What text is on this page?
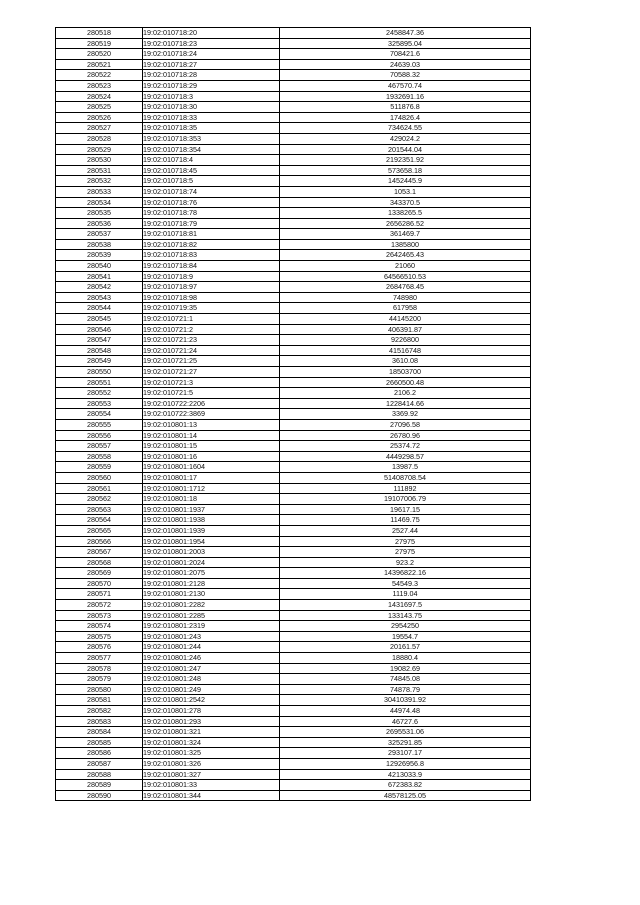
280518	19:02:010718:20	2458847.36
280519	19:02:010718:23	325895.04
280520	19:02:010718:24	708421.6
280521	19:02:010718:27	24639.03
280522	19:02:010718:28	70588.32
280523	19:02:010718:29	467570.74
280524	19:02:010718:3	1932691.16
280525	19:02:010718:30	511876.8
280526	19:02:010718:33	174826.4
280527	19:02:010718:35	734624.55
280528	19:02:010718:353	429024.2
280529	19:02:010718:354	201544.04
280530	19:02:010718:4	2192351.92
280531	19:02:010718:45	573658.18
280532	19:02:010718:5	1452445.9
280533	19:02:010718:74	1053.1
280534	19:02:010718:76	343370.5
280535	19:02:010718:78	1338265.5
280536	19:02:010718:79	2656286.52
280537	19:02:010718:81	361469.7
280538	19:02:010718:82	1385800
280539	19:02:010718:83	2642465.43
280540	19:02:010718:84	21060
280541	19:02:010718:9	64566510.53
280542	19:02:010718:97	2684768.45
280543	19:02:010718:98	748980
280544	19:02:010719:35	617958
280545	19:02:010721:1	44145200
280546	19:02:010721:2	406391.87
280547	19:02:010721:23	9226800
280548	19:02:010721:24	41516748
280549	19:02:010721:25	3610.08
280550	19:02:010721:27	18503700
280551	19:02:010721:3	2660500.48
280552	19:02:010721:5	2106.2
280553	19:02:010722:2206	1228414.66
280554	19:02:010722:3869	3369.92
280555	19:02:010801:13	27096.58
280556	19:02:010801:14	26780.96
280557	19:02:010801:15	25374.72
280558	19:02:010801:16	4449298.57
280559	19:02:010801:1604	13987.5
280560	19:02:010801:17	51408708.54
280561	19:02:010801:1712	111892
280562	19:02:010801:18	19107006.79
280563	19:02:010801:1937	19617.15
280564	19:02:010801:1938	11469.75
280565	19:02:010801:1939	2527.44
280566	19:02:010801:1954	27975
280567	19:02:010801:2003	27975
280568	19:02:010801:2024	923.2
280569	19:02:010801:2075	14396822.16
280570	19:02:010801:2128	54549.3
280571	19:02:010801:2130	1119.04
280572	19:02:010801:2282	1431697.5
280573	19:02:010801:2285	133143.75
280574	19:02:010801:2319	2954250
280575	19:02:010801:243	19554.7
280576	19:02:010801:244	20161.57
280577	19:02:010801:246	18880.4
280578	19:02:010801:247	19082.69
280579	19:02:010801:248	74845.08
280580	19:02:010801:249	74878.79
280581	19:02:010801:2542	30410391.92
280582	19:02:010801:278	44974.48
280583	19:02:010801:293	46727.6
280584	19:02:010801:321	2695531.06
280585	19:02:010801:324	325291.85
280586	19:02:010801:325	293107.17
280587	19:02:010801:326	12926956.8
280588	19:02:010801:327	4213033.9
280589	19:02:010801:33	672383.82
280590	19:02:010801:344	48578125.05
